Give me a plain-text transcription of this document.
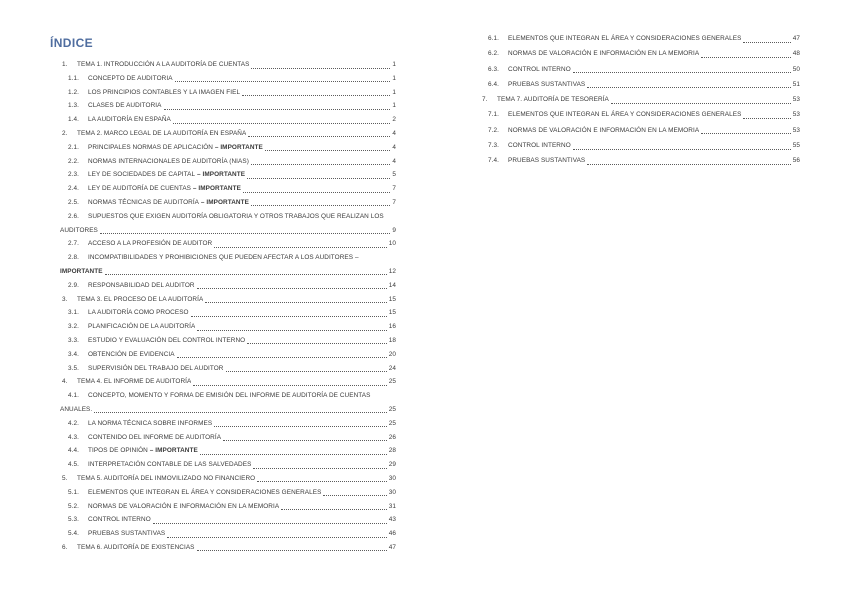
ÍNDICE
1.	TEMA 1. INTRODUCCIÓN A LA AUDITORÍA DE CUENTAS	1
1.1.	CONCEPTO DE AUDITORIA	1
1.2.	LOS PRINCIPIOS CONTABLES Y LA IMAGEN FIEL	1
1.3.	CLASES DE AUDITORIA	1
1.4.	LA AUDITORÍA EN ESPAÑA	2
2.	TEMA 2. MARCO LEGAL DE LA AUDITORÍA EN ESPAÑA	4
2.1.	PRINCIPALES NORMAS DE APLICACIÓN – IMPORTANTE	4
2.2.	NORMAS INTERNACIONALES DE AUDITORÍA (NIAS)	4
2.3.	LEY DE SOCIEDADES DE CAPITAL – IMPORTANTE	5
2.4.	LEY DE AUDITORÍA DE CUENTAS – IMPORTANTE	7
2.5.	NORMAS TÉCNICAS DE AUDITORÍA – IMPORTANTE	7
2.6.	SUPUESTOS QUE EXIGEN AUDITORÍA OBLIGATORIA Y OTROS TRABAJOS QUE REALIZAN LOS
AUDITORES	9
2.7.	ACCESO A LA PROFESIÓN DE AUDITOR	10
2.8.	INCOMPATIBILIDADES Y PROHIBICIONES QUE PUEDEN AFECTAR A LOS AUDITORES –
IMPORTANTE	12
2.9.	RESPONSABILIDAD DEL AUDITOR	14
3.	TEMA 3. EL PROCESO DE LA AUDITORÍA	15
3.1.	LA AUDITORÍA COMO PROCESO	15
3.2.	PLANIFICACIÓN DE LA AUDITORÍA	16
3.3.	ESTUDIO Y EVALUACIÓN DEL CONTROL INTERNO	18
3.4.	OBTENCIÓN DE EVIDENCIA	20
3.5.	SUPERVISIÓN DEL TRABAJO DEL AUDITOR	24
4.	TEMA 4. EL INFORME DE AUDITORÍA	25
4.1.	CONCEPTO, MOMENTO Y FORMA DE EMISIÓN DEL INFORME DE AUDITORÍA DE CUENTAS
ANUALES.	25
4.2.	LA NORMA TÉCNICA SOBRE INFORMES	25
4.3.	CONTENIDO DEL INFORME DE AUDITORÍA	26
4.4.	TIPOS DE OPINIÓN – IMPORTANTE	28
4.5.	INTERPRETACIÓN CONTABLE DE LAS SALVEDADES	29
5.	TEMA 5. AUDITORÍA DEL INMOVILIZADO NO FINANCIERO	30
5.1.	ELEMENTOS QUE INTEGRAN EL ÁREA Y CONSIDERACIONES GENERALES	30
5.2.	NORMAS DE VALORACIÓN E INFORMACIÓN EN LA MEMORIA	31
5.3.	CONTROL INTERNO	43
5.4.	PRUEBAS SUSTANTIVAS	46
6.	TEMA 6. AUDITORÍA DE EXISTENCIAS	47
6.1.	ELEMENTOS QUE INTEGRAN EL ÁREA Y CONSIDERACIONES GENERALES	47
6.2.	NORMAS DE VALORACIÓN E INFORMACIÓN EN LA MEMORIA	48
6.3.	CONTROL INTERNO	50
6.4.	PRUEBAS SUSTANTIVAS	51
7.	TEMA 7. AUDITORÍA DE TESORERÍA	53
7.1.	ELEMENTOS QUE INTEGRAN EL ÁREA Y CONSIDERACIONES GENERALES	53
7.2.	NORMAS DE VALORACIÓN E INFORMACIÓN EN LA MEMORIA	53
7.3.	CONTROL INTERNO	55
7.4.	PRUEBAS SUSTANTIVAS	56
